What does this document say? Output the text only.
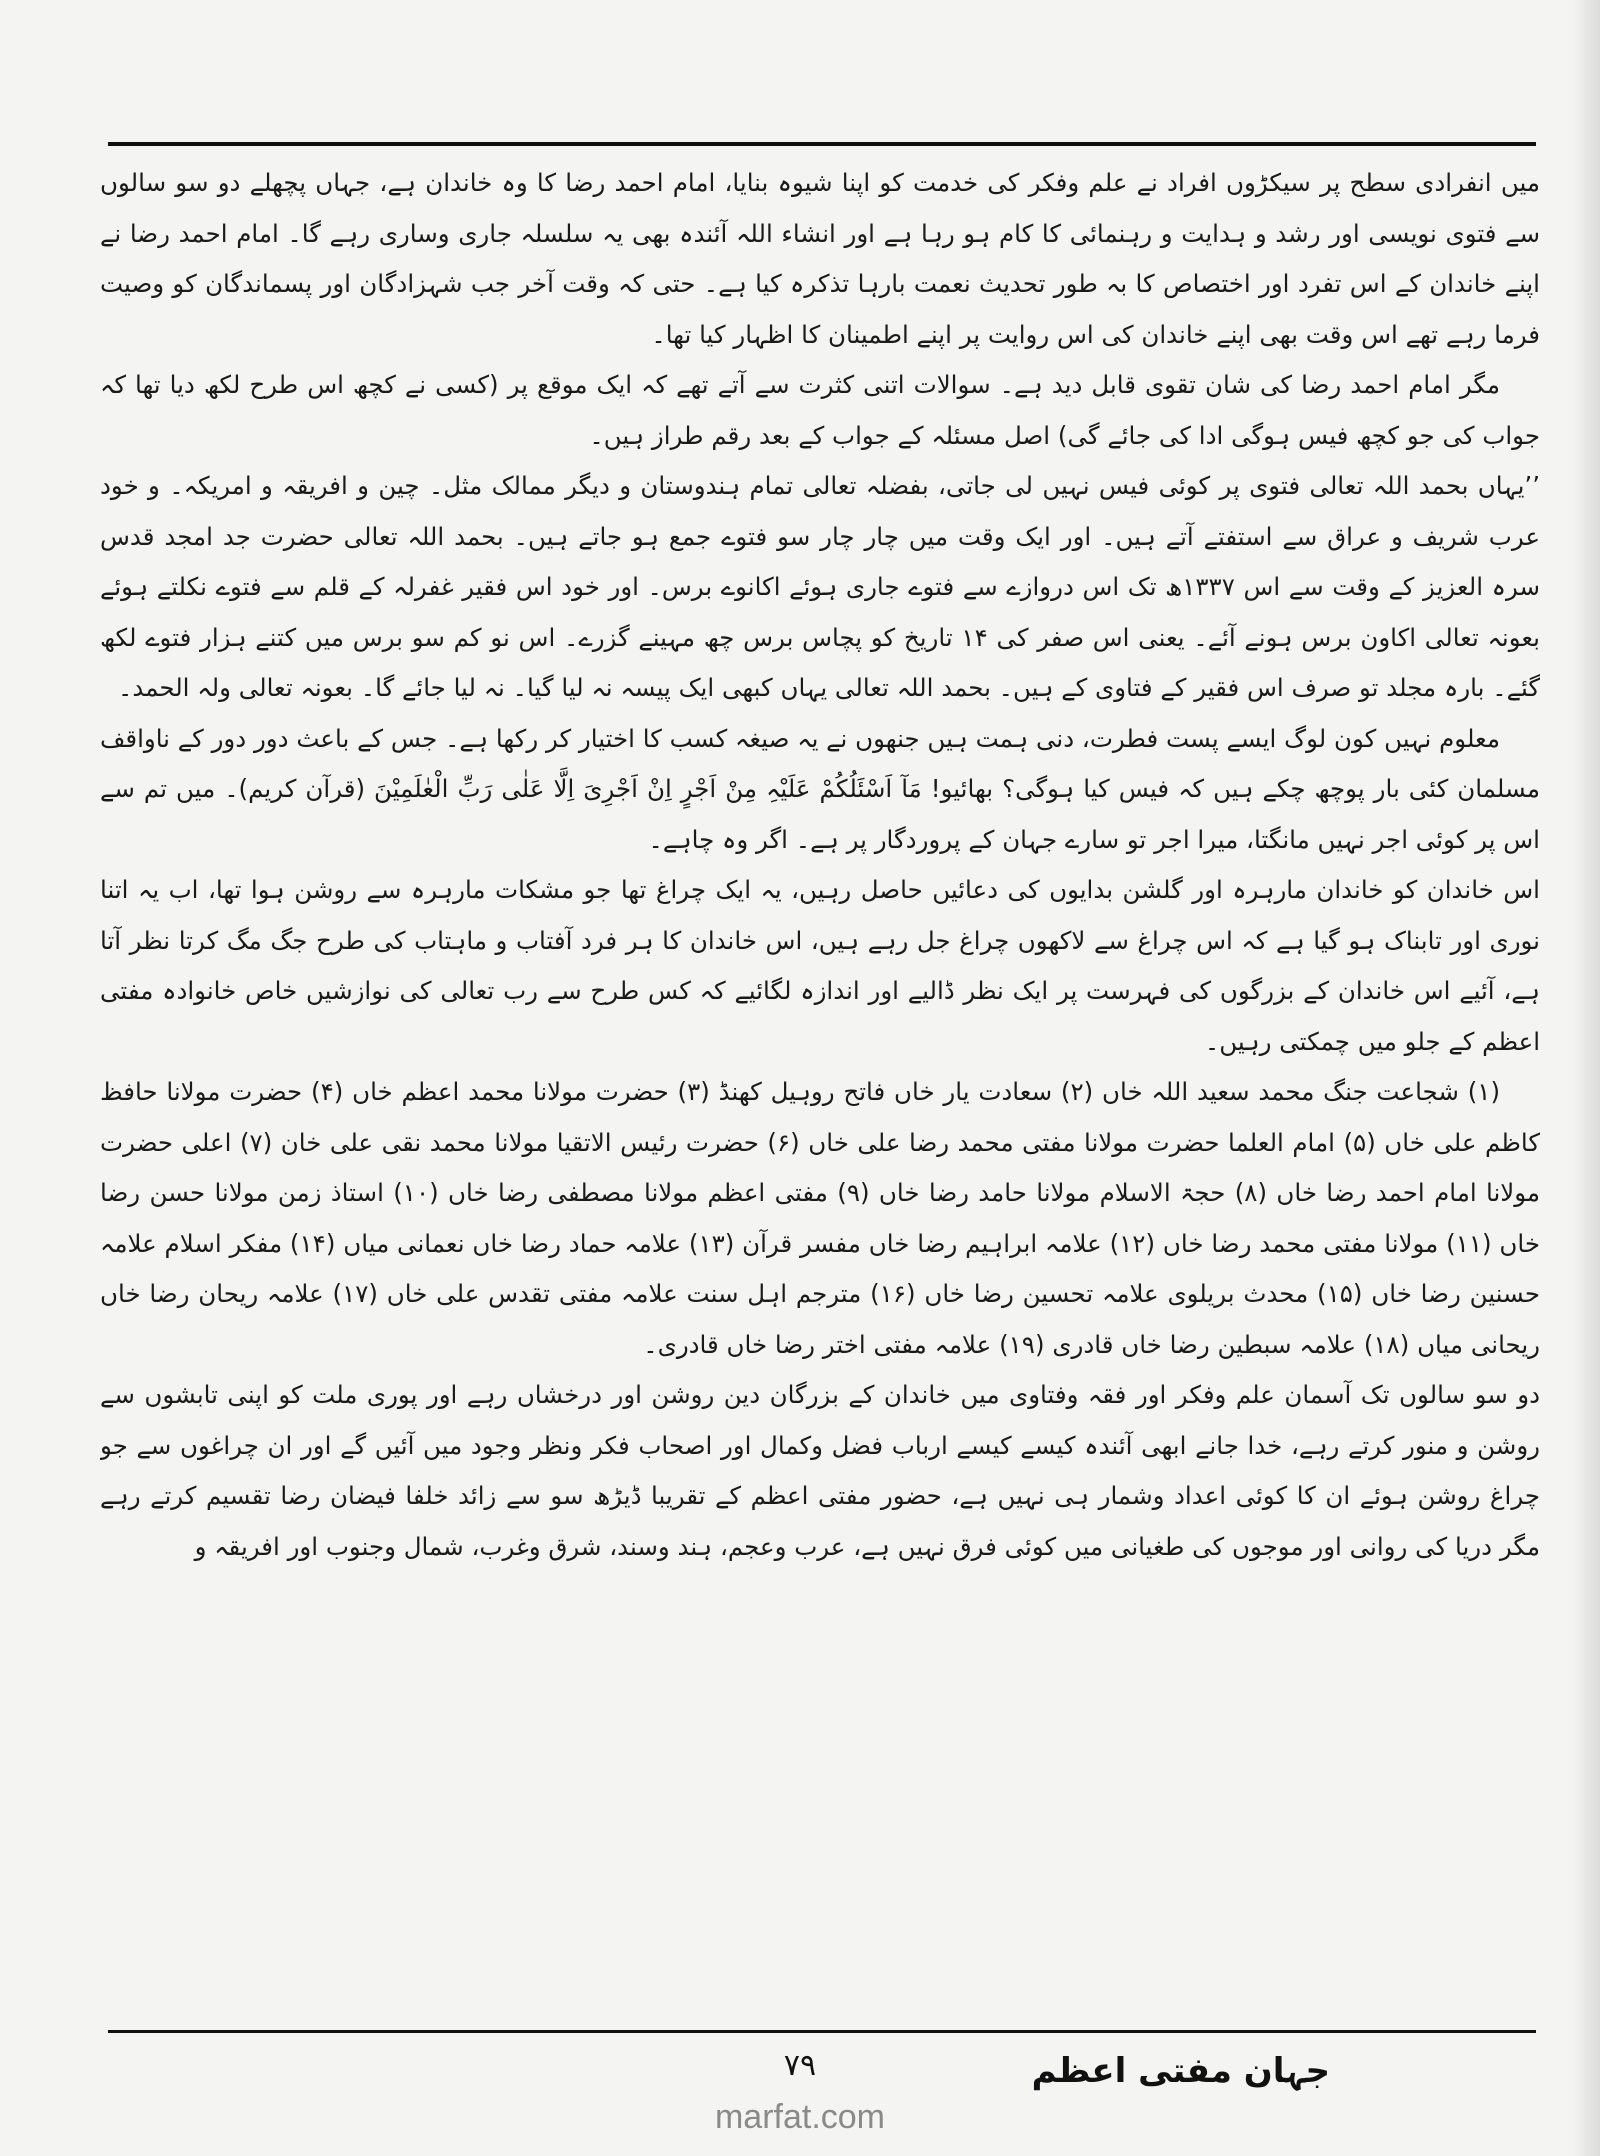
میں انفرادی سطح پر سیکڑوں افراد نے علم وفکر کی خدمت کو اپنا شیوہ بنایا، امام احمد رضا کا وہ خاندان ہے، جہاں پچھلے دو سو سالوں سے فتوی نویسی اور رشد و ہدایت و رہنمائی کا کام ہو رہا ہے اور انشاء اللہ آئندہ بھی یہ سلسلہ جاری وساری رہے گا۔ امام احمد رضا نے اپنے خاندان کے اس تفرد اور اختصاص کا بہ طور تحدیث نعمت بارہا تذکرہ کیا ہے۔ حتی کہ وقت آخر جب شہزادگان اور پسماندگان کو وصیت فرما رہے تھے اس وقت بھی اپنے خاندان کی اس روایت پر اپنے اطمینان کا اظہار کیا تھا۔

مگر امام احمد رضا کی شان تقوی قابل دید ہے۔ سوالات اتنی کثرت سے آتے تھے کہ ایک موقع پر (کسی نے کچھ اس طرح لکھ دیا تھا کہ جواب کی جو کچھ فیس ہوگی ادا کی جائے گی) اصل مسئلہ کے جواب کے بعد رقم طراز ہیں۔

’’یہاں بحمد اللہ تعالی فتوی پر کوئی فیس نہیں لی جاتی، بفضلہ تعالی تمام ہندوستان و دیگر ممالک مثل۔ چین و افریقہ و امریکہ۔ و خود عرب شریف و عراق سے استفتے آتے ہیں۔ اور ایک وقت میں چار چار سو فتوے جمع ہو جاتے ہیں۔ بحمد اللہ تعالی حضرت جد امجد قدس سرہ العزیز کے وقت سے اس ۱۳۳۷ھ تک اس دروازے سے فتوے جاری ہوئے اکانوے برس۔ اور خود اس فقیر غفرلہ کے قلم سے فتوے نکلتے ہوئے بعونہ تعالی اکاون برس ہونے آئے۔ یعنی اس صفر کی ۱۴ تاریخ کو پچاس برس چھ مہینے گزرے۔ اس نو کم سو برس میں کتنے ہزار فتوے لکھ گئے۔ بارہ مجلد تو صرف اس فقیر کے فتاوی کے ہیں۔ بحمد اللہ تعالی یہاں کبھی ایک پیسہ نہ لیا گیا۔ نہ لیا جائے گا۔ بعونہ تعالی ولہ الحمد۔

معلوم نہیں کون لوگ ایسے پست فطرت، دنی ہمت ہیں جنھوں نے یہ صیغہ کسب کا اختیار کر رکھا ہے۔ جس کے باعث دور دور کے ناواقف مسلمان کئی بار پوچھ چکے ہیں کہ فیس کیا ہوگی؟ بھائیو! مَآ اَسْئَلُکُمْ عَلَیْہِ مِنْ اَجْرٍ اِنْ اَجْرِیَ اِلَّا عَلٰی رَبِّ الْعٰلَمِیْنَ (قرآن کریم)۔ میں تم سے اس پر کوئی اجر نہیں مانگتا، میرا اجر تو سارے جہان کے پروردگار پر ہے۔ اگر وہ چاہے۔

اس خاندان کو خاندان مارہرہ اور گلشن بدایوں کی دعائیں حاصل رہیں، یہ ایک چراغ تھا جو مشکات مارہرہ سے روشن ہوا تھا، اب یہ اتنا نوری اور تابناک ہو گیا ہے کہ اس چراغ سے لاکھوں چراغ جل رہے ہیں، اس خاندان کا ہر فرد آفتاب و ماہتاب کی طرح جگ مگ کرتا نظر آتا ہے، آئیے اس خاندان کے بزرگوں کی فہرست پر ایک نظر ڈالیے اور اندازہ لگائیے کہ کس طرح سے رب تعالی کی نوازشیں خاص خانوادہ مفتی اعظم کے جلو میں چمکتی رہیں۔

(۱) شجاعت جنگ محمد سعید اللہ خاں (۲) سعادت یار خاں فاتح روہیل کھنڈ (۳) حضرت مولانا محمد اعظم خاں (۴) حضرت مولانا حافظ کاظم علی خاں (۵) امام العلما حضرت مولانا مفتی محمد رضا علی خاں (۶) حضرت رئیس الاتقیا مولانا محمد نقی علی خان (۷) اعلی حضرت مولانا امام احمد رضا خاں (۸) حجۃ الاسلام مولانا حامد رضا خاں (۹) مفتی اعظم مولانا مصطفی رضا خاں (۱۰) استاذ زمن مولانا حسن رضا خاں (۱۱) مولانا مفتی محمد رضا خاں (۱۲) علامہ ابراہیم رضا خاں مفسر قرآن (۱۳) علامہ حماد رضا خاں نعمانی میاں (۱۴) مفکر اسلام علامہ حسنین رضا خاں (۱۵) محدث بریلوی علامہ تحسین رضا خاں (۱۶) مترجم اہل سنت علامہ مفتی تقدس علی خاں (۱۷) علامہ ریحان رضا خاں ریحانی میاں (۱۸) علامہ سبطین رضا خاں قادری (۱۹) علامہ مفتی اختر رضا خاں قادری۔

دو سو سالوں تک آسمان علم وفکر اور فقہ وفتاوی میں خاندان کے بزرگان دین روشن اور درخشاں رہے اور پوری ملت کو اپنی تابشوں سے روشن و منور کرتے رہے، خدا جانے ابھی آئندہ کیسے کیسے ارباب فضل وکمال اور اصحاب فکر ونظر وجود میں آئیں گے اور ان چراغوں سے جو چراغ روشن ہوئے ان کا کوئی اعداد وشمار ہی نہیں ہے، حضور مفتی اعظم کے تقریبا ڈیڑھ سو سے زائد خلفا فیضان رضا تقسیم کرتے رہے مگر دریا کی روانی اور موجوں کی طغیانی میں کوئی فرق نہیں ہے، عرب وعجم، ہند وسند، شرق وغرب، شمال وجنوب اور افریقہ و

جہان مفتی اعظم
۷۹
marfat.com
